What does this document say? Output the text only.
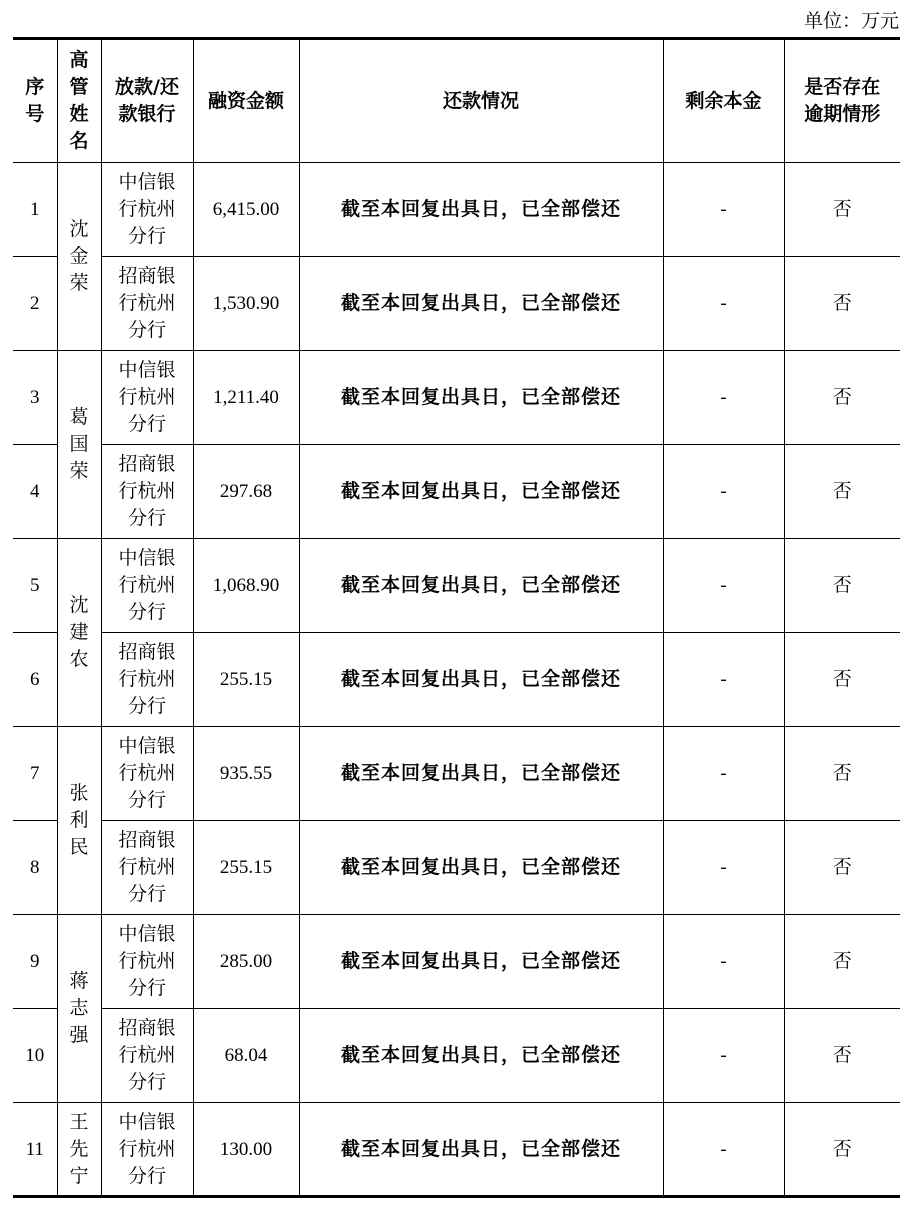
单位：万元
序号	高管姓名	放款/还款银行	融资金额	还款情况	剩余本金	是否存在逾期情形

1	沈金荣	中信银行杭州分行	6,415.00	截至本回复出具日，已全部偿还	-	否
2		招商银行杭州分行	1,530.90	截至本回复出具日，已全部偿还	-	否
3	葛国荣	中信银行杭州分行	1,211.40	截至本回复出具日，已全部偿还	-	否
4		招商银行杭州分行	297.68	截至本回复出具日，已全部偿还	-	否
5	沈建农	中信银行杭州分行	1,068.90	截至本回复出具日，已全部偿还	-	否
6		招商银行杭州分行	255.15	截至本回复出具日，已全部偿还	-	否
7	张利民	中信银行杭州分行	935.55	截至本回复出具日，已全部偿还	-	否
8		招商银行杭州分行	255.15	截至本回复出具日，已全部偿还	-	否
9	蒋志强	中信银行杭州分行	285.00	截至本回复出具日，已全部偿还	-	否
10		招商银行杭州分行	68.04	截至本回复出具日，已全部偿还	-	否
11	王先宁	中信银行杭州分行	130.00	截至本回复出具日，已全部偿还	-	否
